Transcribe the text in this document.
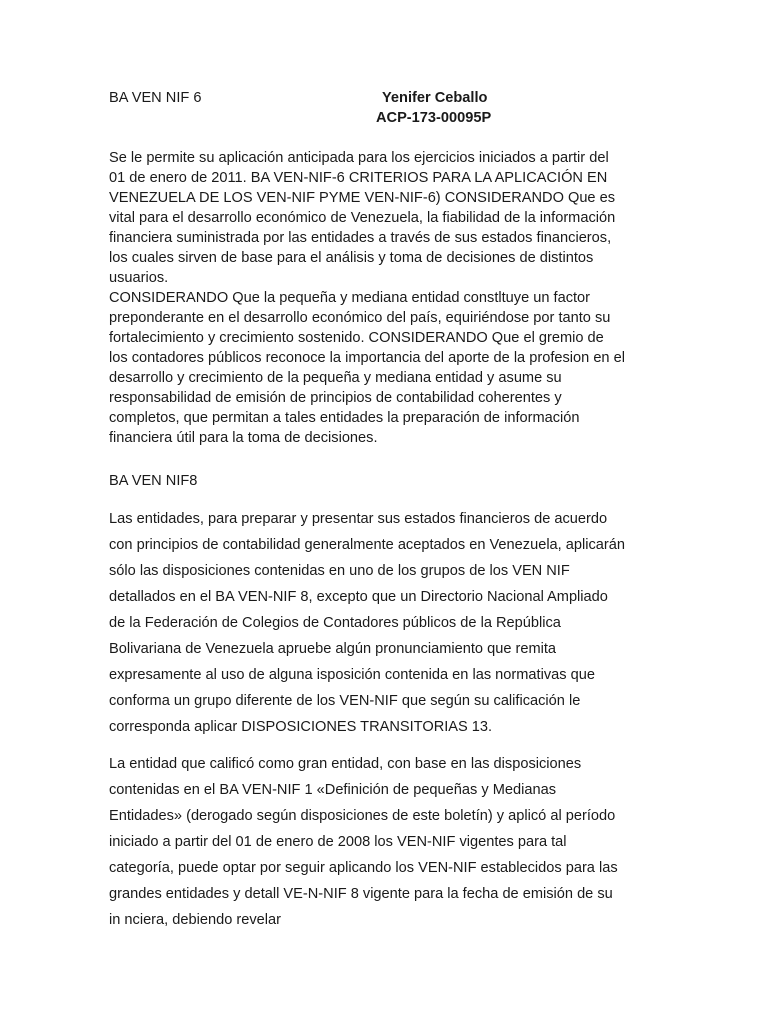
BA VEN NIF 6	Yenifer Ceballo
ACP-173-00095P
Se le permite su aplicación anticipada para los ejercicios iniciados a partir del
01 de enero de 2011. BA VEN-NIF-6 CRITERIOS PARA LA APLICACIÓN EN
VENEZUELA DE LOS VEN-NIF PYME VEN-NIF-6) CONSIDERANDO Que es
vital para el desarrollo económico de Venezuela, la fiabilidad de la información
financiera suministrada por las entidades a través de sus estados financieros,
los cuales sirven de base para el análisis y toma de decisiones de distintos
usuarios.
CONSIDERANDO Que la pequeña y mediana entidad constltuye un factor
preponderante en el desarrollo económico del país, equiriéndose por tanto su
fortalecimiento y crecimiento sostenido. CONSIDERANDO Que el gremio de
los contadores públicos reconoce la importancia del aporte de la profesion en el
desarrollo y crecimiento de la pequeña y mediana entidad y asume su
responsabilidad de emisión de principios de contabilidad coherentes y
completos, que permitan a tales entidades la preparación de información
financiera útil para la toma de decisiones.
BA VEN NIF8
Las entidades, para preparar y presentar sus estados financieros de acuerdo
con principios de contabilidad generalmente aceptados en Venezuela, aplicarán
sólo las disposiciones contenidas en uno de los grupos de los VEN NIF
detallados en el BA VEN-NIF 8, excepto que un Directorio Nacional Ampliado
de la Federación de Colegios de Contadores públicos de la República
Bolivariana de Venezuela apruebe algún pronunciamiento que remita
expresamente al uso de alguna isposición contenida en las normativas que
conforma un grupo diferente de los VEN-NIF que según su calificación le
corresponda aplicar DISPOSICIONES TRANSITORIAS 13.
La entidad que calificó como gran entidad, con base en las disposiciones
contenidas en el BA VEN-NIF 1 «Definición de pequeñas y Medianas
Entidades» (derogado según disposiciones de este boletín) y aplicó al período
iniciado a partir del 01 de enero de 2008 los VEN-NIF vigentes para tal
categoría, puede optar por seguir aplicando los VEN-NIF establecidos para las
grandes entidades y detall VE-N-NIF 8 vigente para la fecha de emisión de su
in nciera, debiendo revelar
